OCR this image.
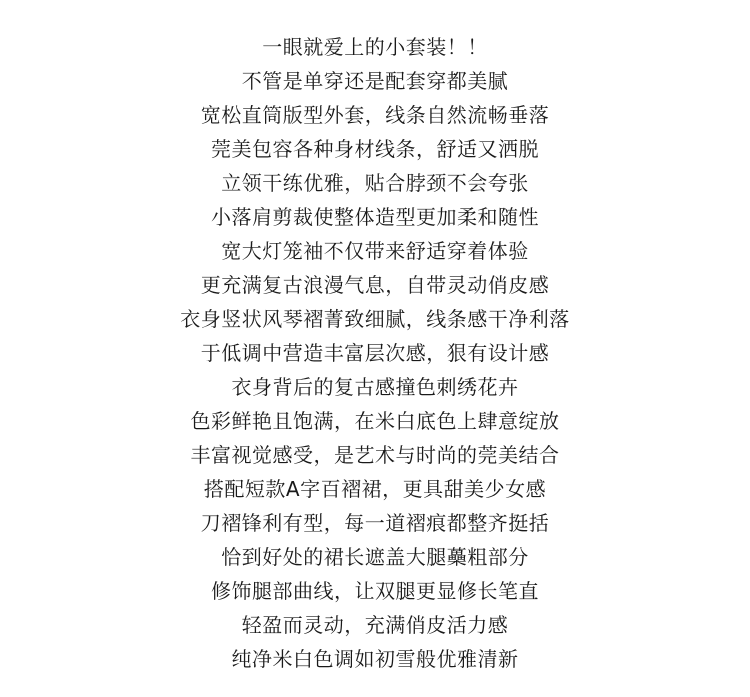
一眼就爱上的小套装！！
不管是单穿还是配套穿都美腻
宽松直筒版型外套，线条自然流畅垂落
莞美包容各种身材线条，舒适又洒脱
立领干练优雅，贴合脖颈不会夸张
小落肩剪裁使整体造型更加柔和随性
宽大灯笼袖不仅带来舒适穿着体验
更充满复古浪漫气息，自带灵动俏皮感
衣身竖状风琴褶菁致细腻，线条感干净利落
于低调中营造丰富层次感，狠有设计感
衣身背后的复古感撞色刺绣花卉
色彩鲜艳且饱满，在米白底色上肆意绽放
丰富视觉感受，是艺术与时尚的莞美结合
搭配短款A字百褶裙，更具甜美少女感
刀褶锋利有型，每一道褶痕都整齐挺括
恰到好处的裙长遮盖大腿蘽粗部分
修饰腿部曲线，让双腿更显修长笔直
轻盈而灵动，充满俏皮活力感
纯净米白色调如初雪般优雅清新
